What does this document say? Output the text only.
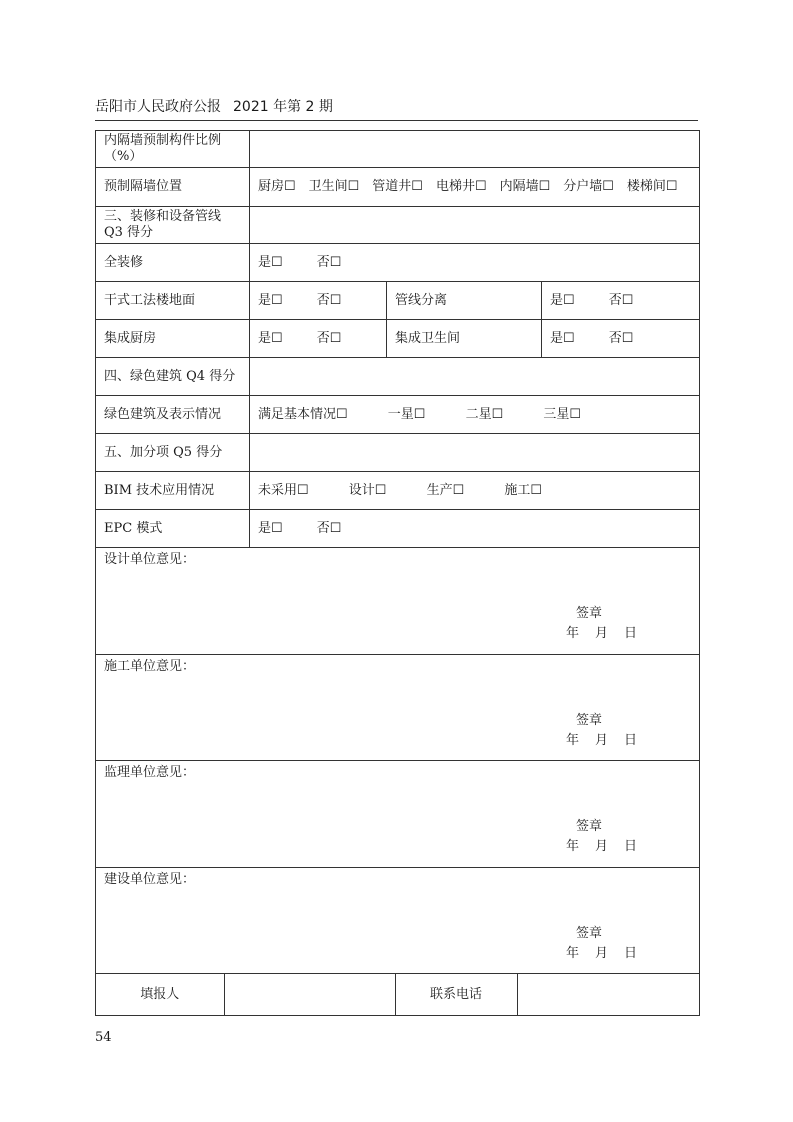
岳阳市人民政府公报 2021 年第 2 期
内隔墙预制构件比例（%）	
预制隔墙位置	厨房☐　卫生间☐　管道井☐　电梯井☐　内隔墙☐　分户墙☐　楼梯间☐
三、装修和设备管线 Q3 得分	
全装修	是☐	否☐
干式工法楼地面	是☐	否☐	管线分离	是☐	否☐
集成厨房	是☐	否☐	集成卫生间	是☐	否☐
四、绿色建筑 Q4 得分	
绿色建筑及表示情况	满足基本情况☐	一星☐	二星☐	三星☐
五、加分项 Q5 得分	
BIM 技术应用情况	未采用☐	设计☐	生产☐	施工☐
EPC 模式	是☐	否☐
设计单位意见：
签章
年 月 日

施工单位意见：
签章
年 月 日

监理单位意见：
签章
年 月 日

建设单位意见：
签章
年 月 日

填报人		联系电话	
54
